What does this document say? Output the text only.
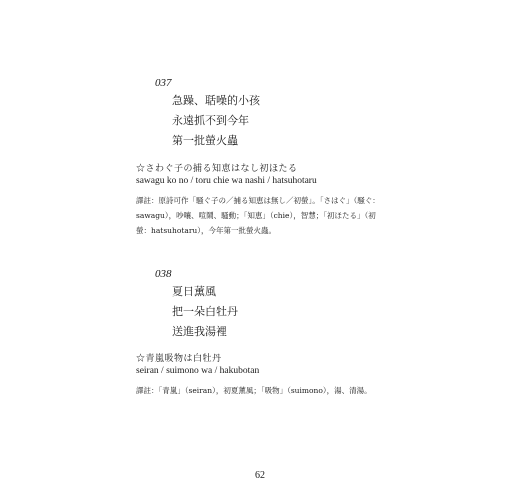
037
急躁、聒噪的小孩
永遠抓不到今年
第一批螢火蟲
☆さわぐ子の捕る知恵はなし初ほたる
sawagu ko no / toru chie wa nashi / hatsuhotaru
譯註：原詩可作「騒ぐ子の／捕る知恵は無し／初螢」。「さはぐ」（騒ぐ：sawagu），吵嚷、喧鬧、騷動；「知恵」（chie），智慧；「初ほたる」（初螢：hatsuhotaru），今年第一批螢火蟲。
038
夏日薰風
把一朵白牡丹
送進我湯裡
☆青嵐吸物は白牡丹
seiran / suimono wa / hakubotan
譯註：「青嵐」（seiran），初夏薰風；「吸物」（suimono），湯、清湯。
62
